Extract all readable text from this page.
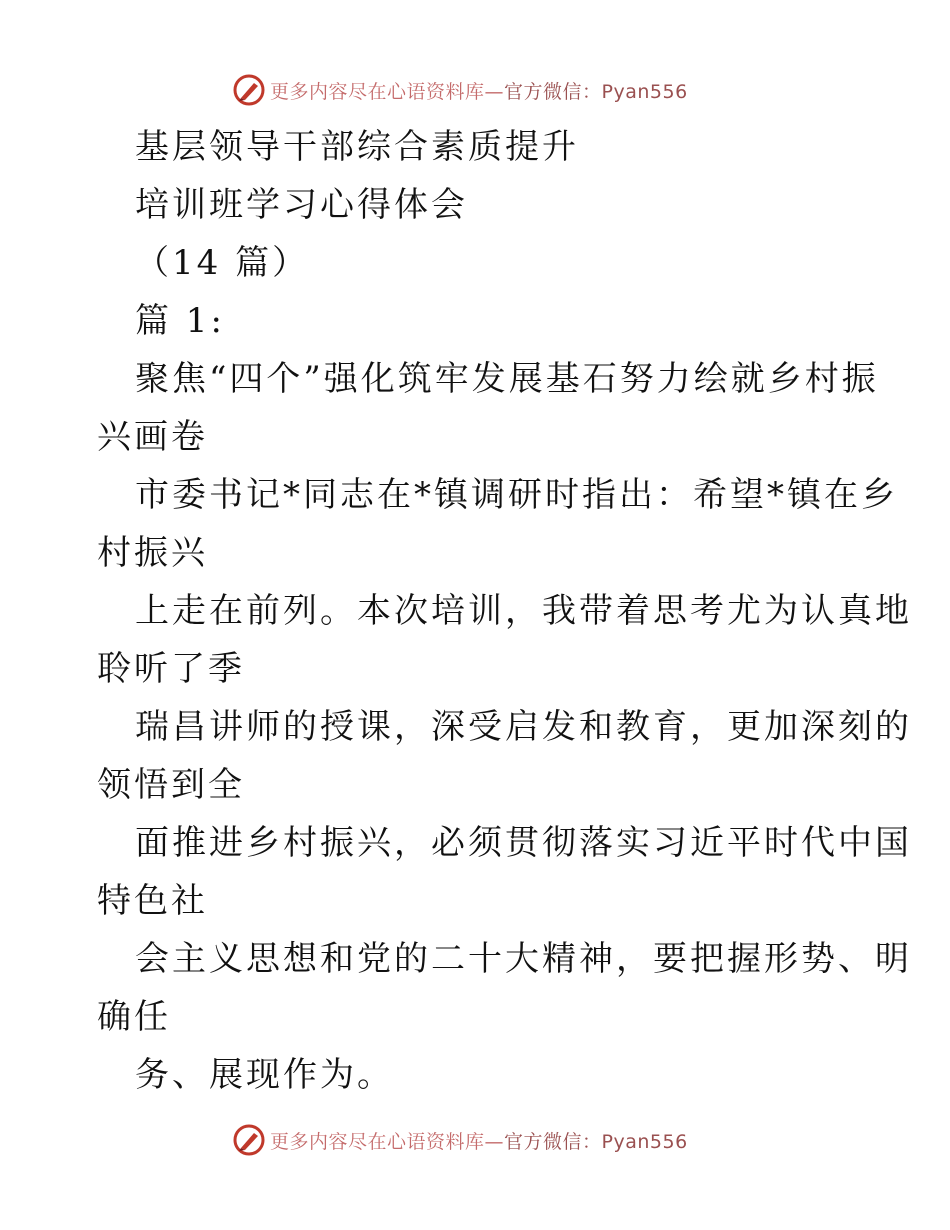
更多内容尽在心语资料库—官方微信：Pyan556
基层领导干部综合素质提升
培训班学习心得体会
（14 篇）
篇 1:
聚焦“四个”强化筑牢发展基石努力绘就乡村振
兴画卷
市委书记*同志在*镇调研时指出：希望*镇在乡
村振兴
上走在前列。本次培训，我带着思考尤为认真地
聆听了季
瑞昌讲师的授课，深受启发和教育，更加深刻的
领悟到全
面推进乡村振兴，必须贯彻落实习近平时代中国
特色社
会主义思想和党的二十大精神，要把握形势、明
确任
务、展现作为。
更多内容尽在心语资料库—官方微信：Pyan556
